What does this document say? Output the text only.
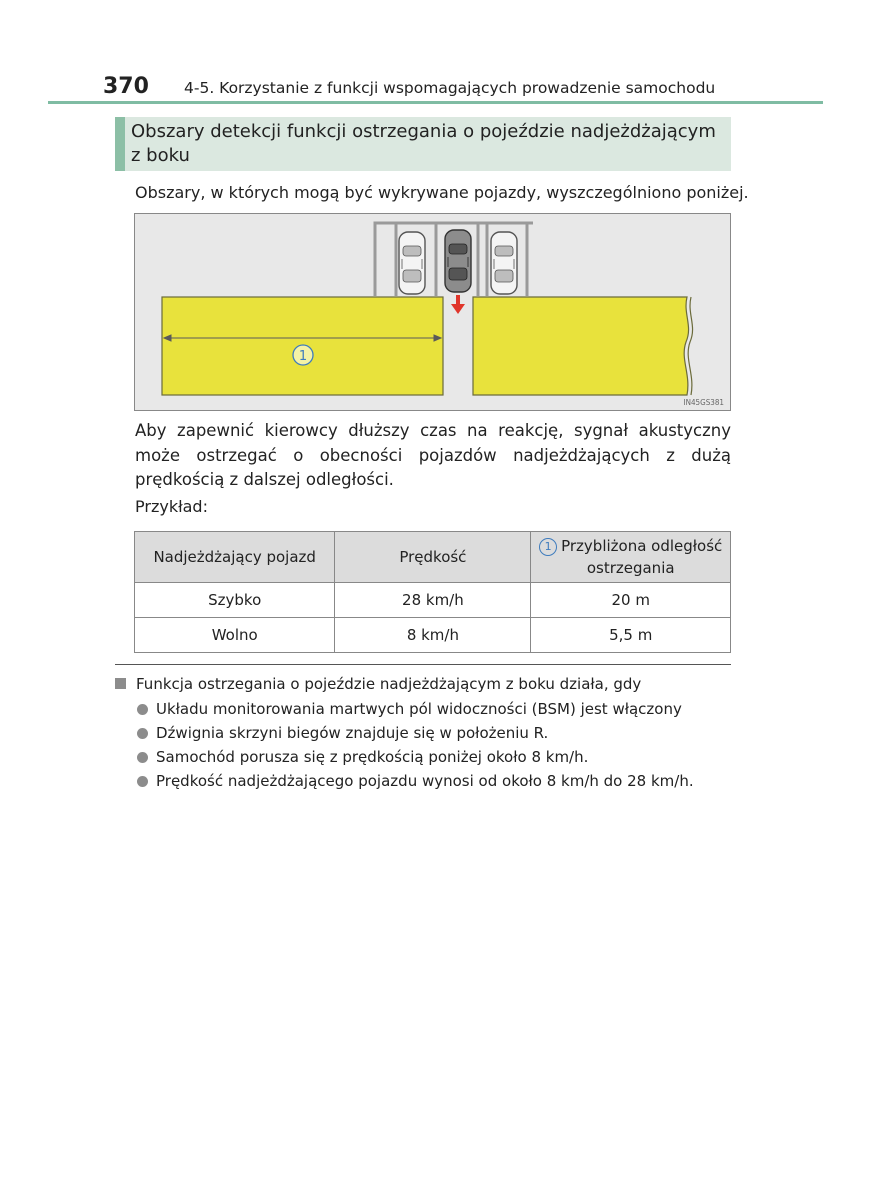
370 4-5. Korzystanie z funkcji wspomagających prowadzenie samochodu
Obszary detekcji funkcji ostrzegania o pojeździe nadjeżdżającym
z boku
Obszary, w których mogą być wykrywane pojazdy, wyszczególniono poniżej.
1
IN45GS381
Aby zapewnić kierowcy dłuższy czas na reakcję, sygnał akustyczny może ostrzegać o obecności pojazdów nadjeżdżających z dużą prędkością z dalszej odległości.
Przykład:
Nadjeżdżający pojazd	Prędkość	1 Przybliżona odległość
ostrzegania
Szybko	28 km/h	20 m
Wolno	8 km/h	5,5 m
Funkcja ostrzegania o pojeździe nadjeżdżającym z boku działa, gdy
Układu monitorowania martwych pól widoczności (BSM) jest włączony
Dźwignia skrzyni biegów znajduje się w położeniu R.
Samochód porusza się z prędkością poniżej około 8 km/h.
Prędkość nadjeżdżającego pojazdu wynosi od około 8 km/h do 28 km/h.
